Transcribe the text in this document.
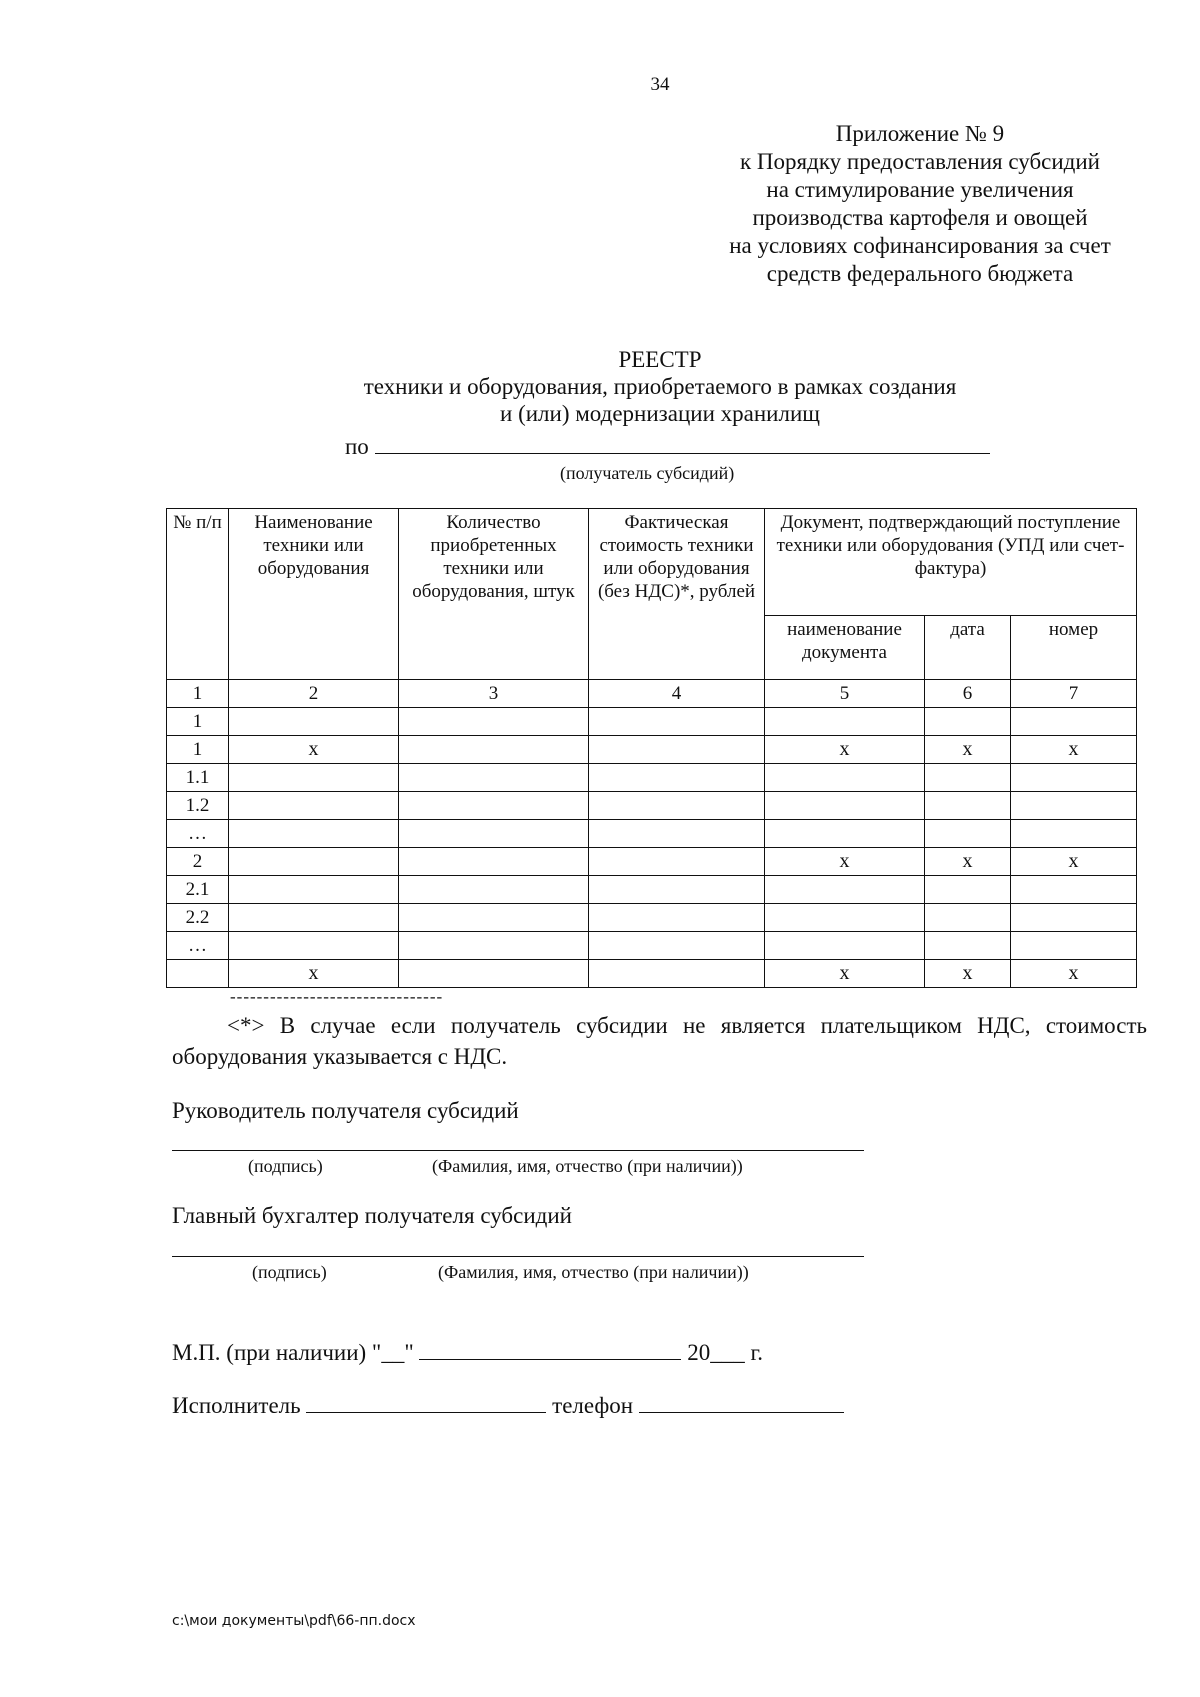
34
Приложение № 9
к Порядку предоставления субсидий
на стимулирование увеличения
производства картофеля и овощей
на условиях софинансирования за счет
средств федерального бюджета
РЕЕСТР
техники и оборудования, приобретаемого в рамках создания
и (или) модернизации хранилищ
по
(получатель субсидий)
№ п/п	Наименование техники или оборудования	Количество приобретенных техники или оборудования, штук	Фактическая стоимость техники или оборудования (без НДС)*, рублей	Документ, подтверждающий поступление техники или оборудования (УПД или счет-фактура)		
				наименование документа	дата	номер
1	2	3	4	5	6	7
1						
1	x			x	x	x
1.1						
1.2						
…						
2				x	x	x
2.1						
2.2						
…						
	x			x	x	x
--------------------------------
<*> В случае если получатель субсидии не является плательщиком НДС, стоимость оборудования указывается с НДС.
Руководитель получателя субсидий
(подпись)	(Фамилия, имя, отчество (при наличии))
Главный бухгалтер получателя субсидий
(подпись)	(Фамилия, имя, отчество (при наличии))
М.П. (при наличии) "__"	20___ г.
Исполнитель	телефон
с:\мои документы\pdf\66-пп.docx
